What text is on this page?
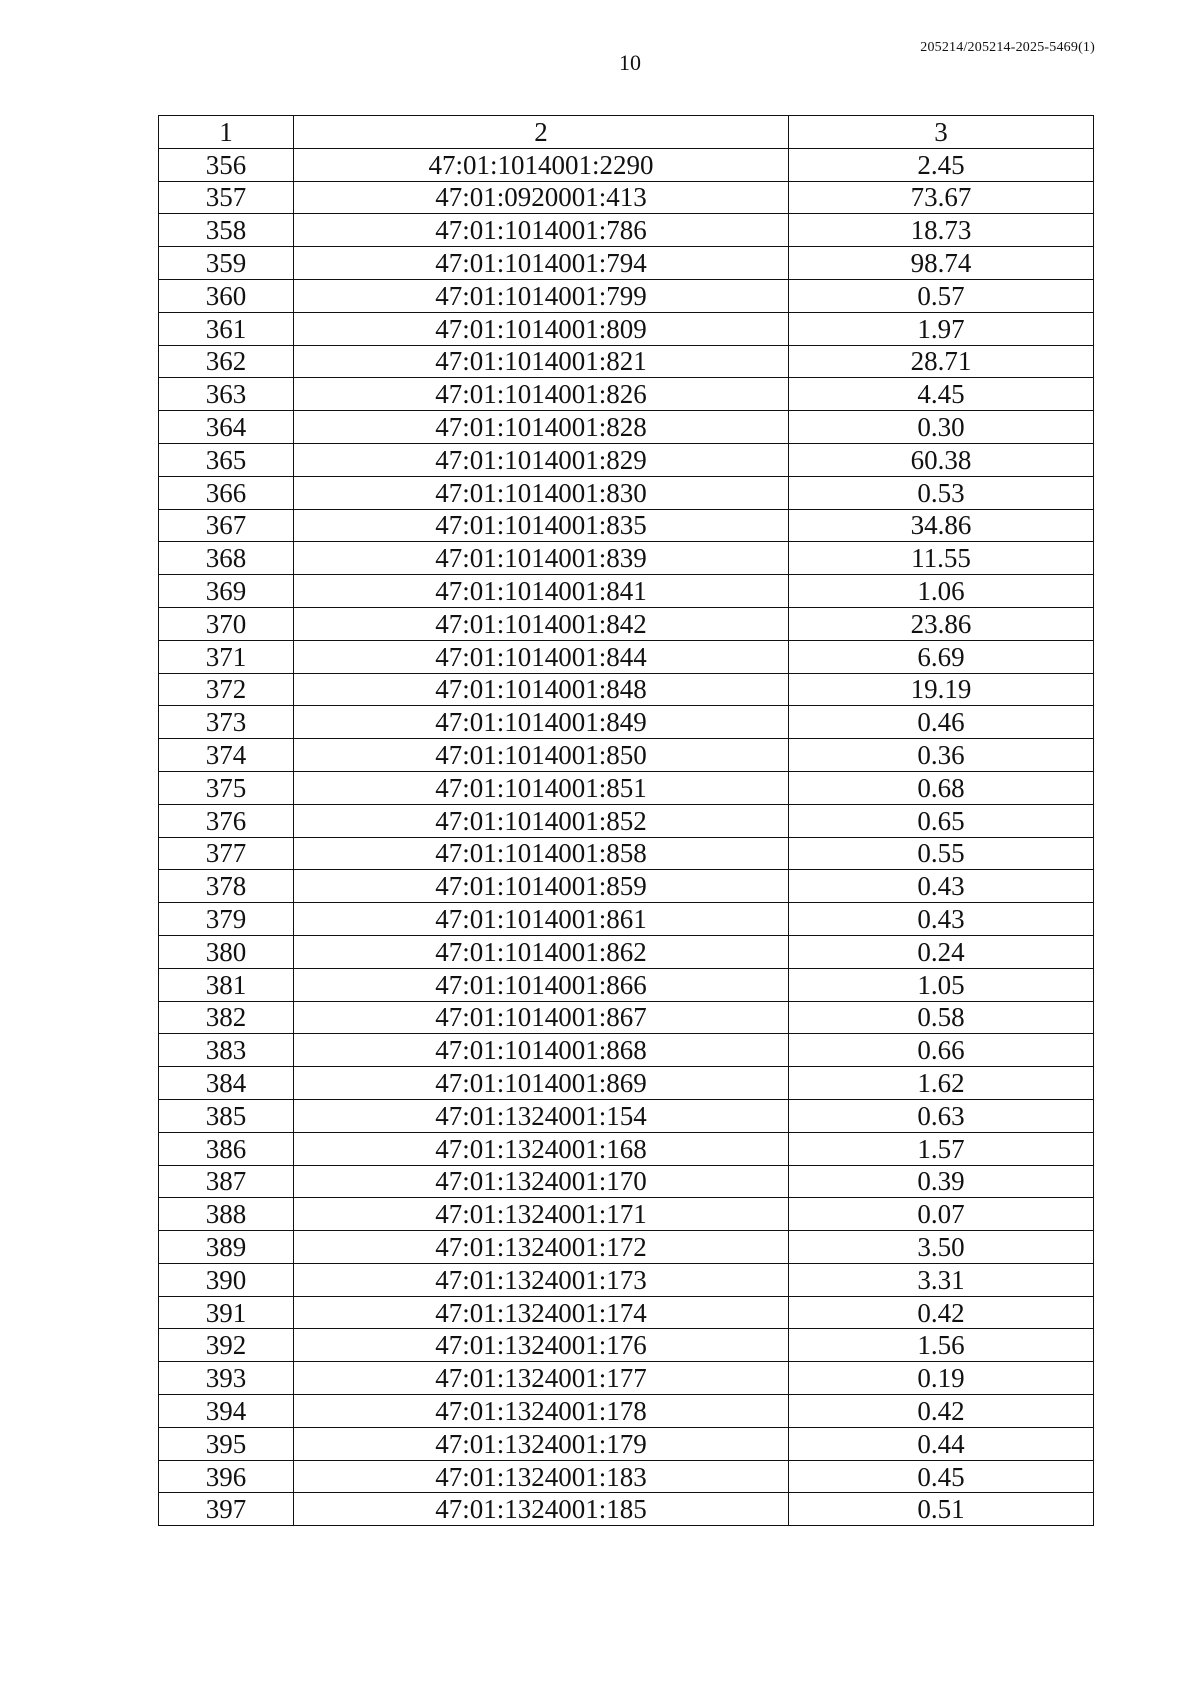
10
205214/205214-2025-5469(1)
1	2	3
356	47:01:1014001:2290	2.45
357	47:01:0920001:413	73.67
358	47:01:1014001:786	18.73
359	47:01:1014001:794	98.74
360	47:01:1014001:799	0.57
361	47:01:1014001:809	1.97
362	47:01:1014001:821	28.71
363	47:01:1014001:826	4.45
364	47:01:1014001:828	0.30
365	47:01:1014001:829	60.38
366	47:01:1014001:830	0.53
367	47:01:1014001:835	34.86
368	47:01:1014001:839	11.55
369	47:01:1014001:841	1.06
370	47:01:1014001:842	23.86
371	47:01:1014001:844	6.69
372	47:01:1014001:848	19.19
373	47:01:1014001:849	0.46
374	47:01:1014001:850	0.36
375	47:01:1014001:851	0.68
376	47:01:1014001:852	0.65
377	47:01:1014001:858	0.55
378	47:01:1014001:859	0.43
379	47:01:1014001:861	0.43
380	47:01:1014001:862	0.24
381	47:01:1014001:866	1.05
382	47:01:1014001:867	0.58
383	47:01:1014001:868	0.66
384	47:01:1014001:869	1.62
385	47:01:1324001:154	0.63
386	47:01:1324001:168	1.57
387	47:01:1324001:170	0.39
388	47:01:1324001:171	0.07
389	47:01:1324001:172	3.50
390	47:01:1324001:173	3.31
391	47:01:1324001:174	0.42
392	47:01:1324001:176	1.56
393	47:01:1324001:177	0.19
394	47:01:1324001:178	0.42
395	47:01:1324001:179	0.44
396	47:01:1324001:183	0.45
397	47:01:1324001:185	0.51
